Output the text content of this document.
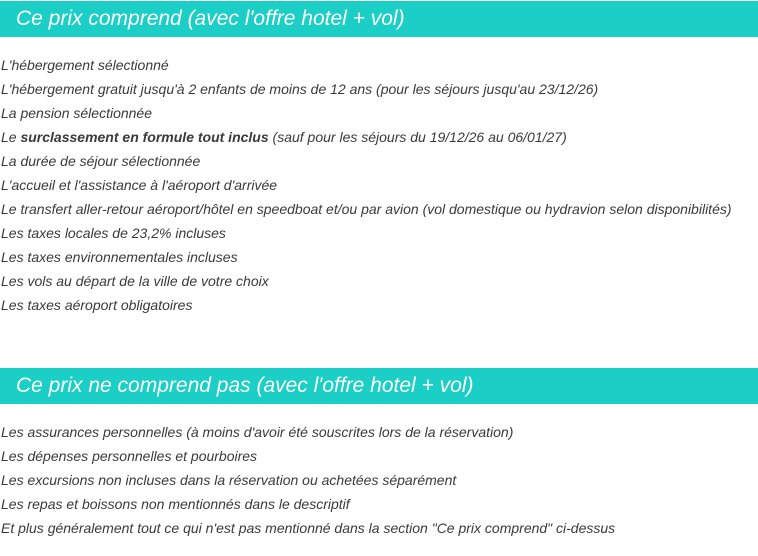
Ce prix comprend (avec l'offre hotel + vol)
L'hébergement sélectionné
L'hébergement gratuit jusqu'à 2 enfants de moins de 12 ans (pour les séjours jusqu'au 23/12/26)
La pension sélectionnée
Le surclassement en formule tout inclus (sauf pour les séjours du 19/12/26 au 06/01/27)
La durée de séjour sélectionnée
L'accueil et l'assistance à l'aéroport d'arrivée
Le transfert aller-retour aéroport/hôtel en speedboat et/ou par avion (vol domestique ou hydravion selon disponibilités)
Les taxes locales de 23,2% incluses
Les taxes environnementales incluses
Les vols au départ de la ville de votre choix
Les taxes aéroport obligatoires
Ce prix ne comprend pas (avec l'offre hotel + vol)
Les assurances personnelles (à moins d'avoir été souscrites lors de la réservation)
Les dépenses personnelles et pourboires
Les excursions non incluses dans la réservation ou achetées séparément
Les repas et boissons non mentionnés dans le descriptif
Et plus généralement tout ce qui n'est pas mentionné dans la section "Ce prix comprend" ci-dessus
